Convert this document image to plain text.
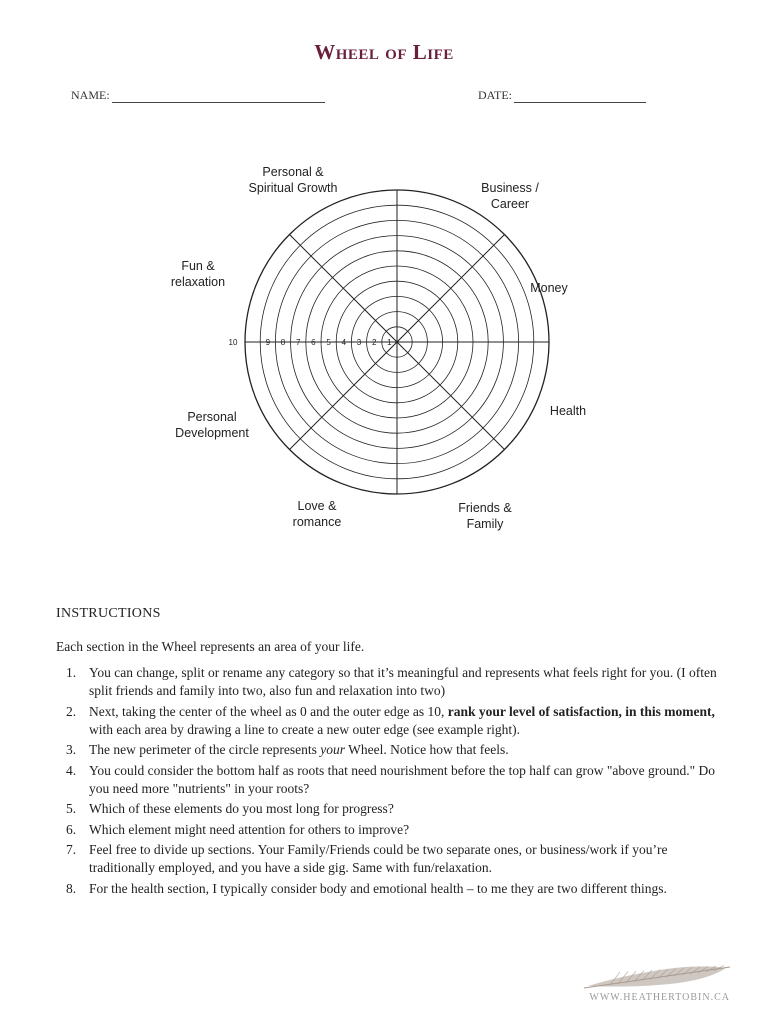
Wheel of Life
NAME:	DATE:
10	9 8 7 6 5 4 3 2 1
Personal &
Spiritual Growth	Business /
Career
Money
Health
Friends &
Family
Love &
romance
Personal
Development
Fun &
relaxation
INSTRUCTIONS
Each section in the Wheel represents an area of your life.
1. You can change, split or rename any category so that it’s meaningful and represents what feels right for you. (I often split friends and family into two, also fun and relaxation into two)
2. Next, taking the center of the wheel as 0 and the outer edge as 10, rank your level of satisfaction, in this moment, with each area by drawing a line to create a new outer edge (see example right).
3. The new perimeter of the circle represents your Wheel. Notice how that feels.
4. You could consider the bottom half as roots that need nourishment before the top half can grow "above ground." Do you need more "nutrients" in your roots?
5. Which of these elements do you most long for progress?
6. Which element might need attention for others to improve?
7. Feel free to divide up sections. Your Family/Friends could be two separate ones, or business/work if you’re traditionally employed, and you have a side gig. Same with fun/relaxation.
8. For the health section, I typically consider body and emotional health – to me they are two different things.
WWW.HEATHERTOBIN.CA
